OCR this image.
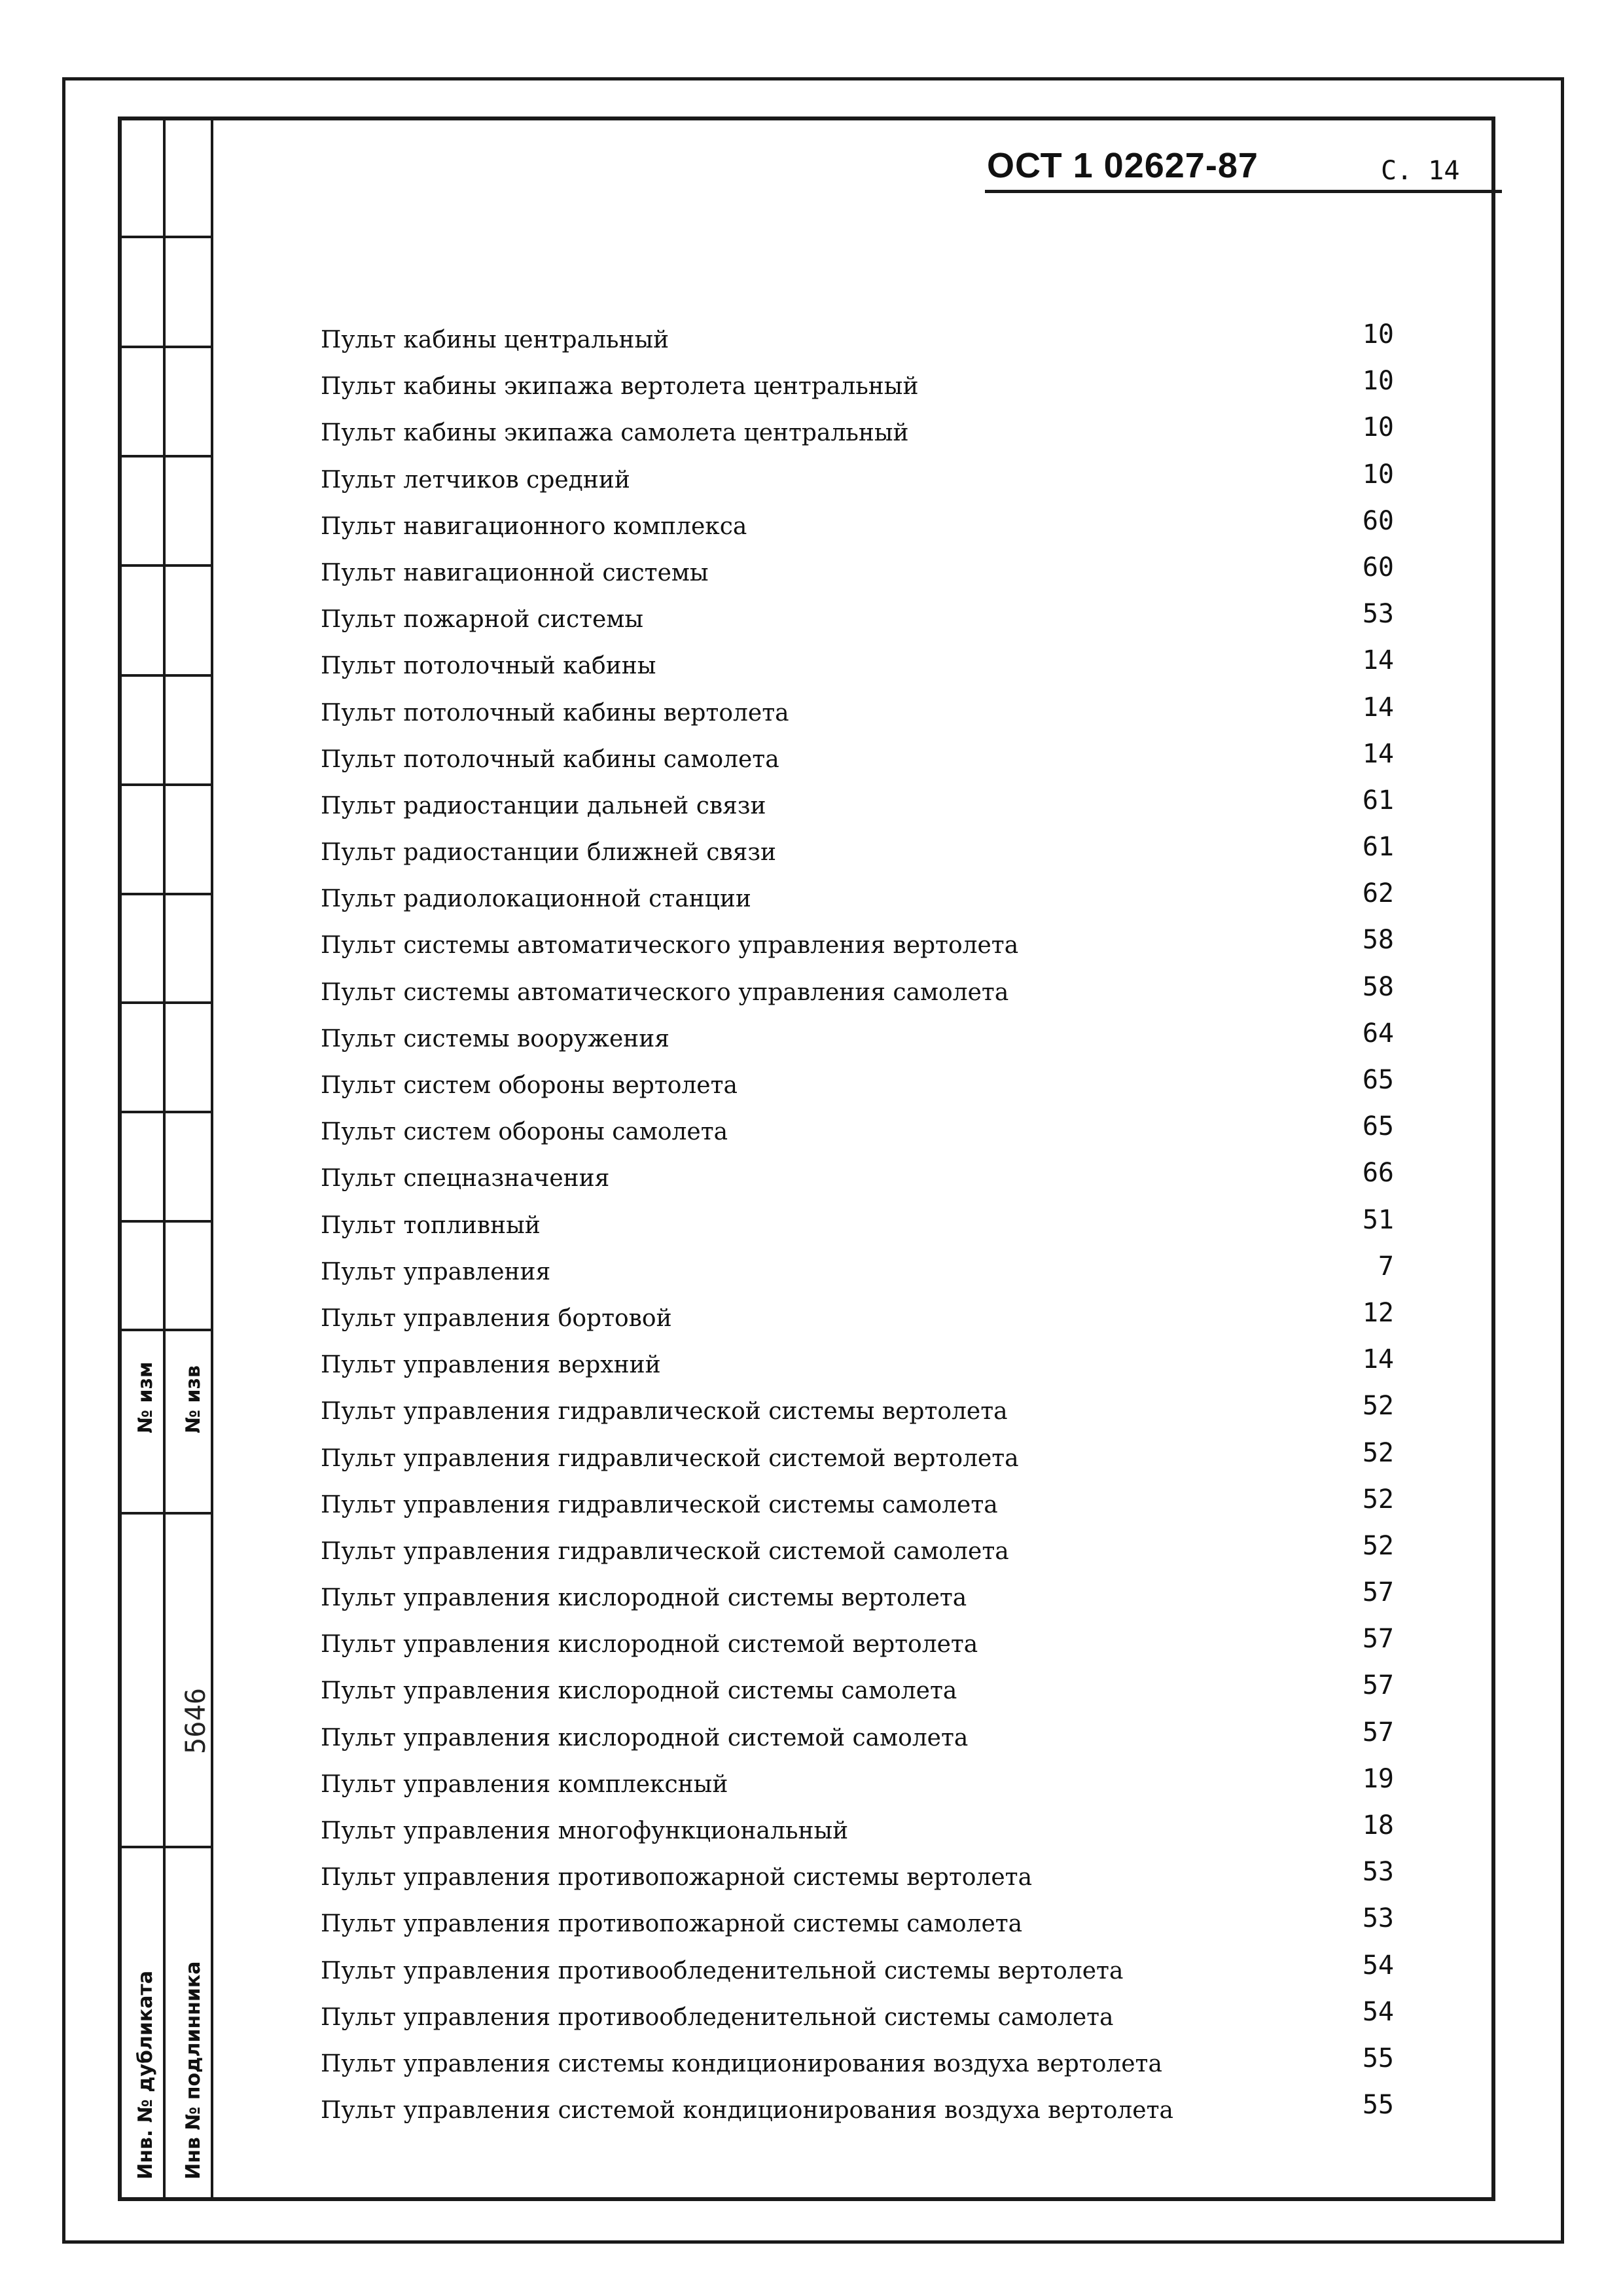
№ изм № изв
Инв. № дубликата Инв № подлинника
5646
ОСТ 1 02627-87	С. 14
Пульт кабины центральный	10
Пульт кабины экипажа вертолета центральный	10
Пульт кабины экипажа самолета центральный	10
Пульт летчиков средний	10
Пульт навигационного комплекса	60
Пульт навигационной системы	60
Пульт пожарной системы	53
Пульт потолочный кабины	14
Пульт потолочный кабины вертолета	14
Пульт потолочный кабины самолета	14
Пульт радиостанции дальней связи	61
Пульт радиостанции ближней связи	61
Пульт радиолокационной станции	62
Пульт системы автоматического управления вертолета	58
Пульт системы автоматического управления самолета	58
Пульт системы вооружения	64
Пульт систем обороны вертолета	65
Пульт систем обороны самолета	65
Пульт спецназначения	66
Пульт топливный	51
Пульт управления	7
Пульт управления бортовой	12
Пульт управления верхний	14
Пульт управления гидравлической системы вертолета	52
Пульт управления гидравлической системой вертолета	52
Пульт управления гидравлической системы самолета	52
Пульт управления гидравлической системой самолета	52
Пульт управления кислородной системы вертолета	57
Пульт управления кислородной системой вертолета	57
Пульт управления кислородной системы самолета	57
Пульт управления кислородной системой самолета	57
Пульт управления комплексный	19
Пульт управления многофункциональный	18
Пульт управления противопожарной системы вертолета	53
Пульт управления противопожарной системы самолета	53
Пульт управления противообледенительной системы вертолета	54
Пульт управления противообледенительной системы самолета	54
Пульт управления системы кондиционирования воздуха вертолета	55
Пульт управления системой кондиционирования воздуха вертолета	55
